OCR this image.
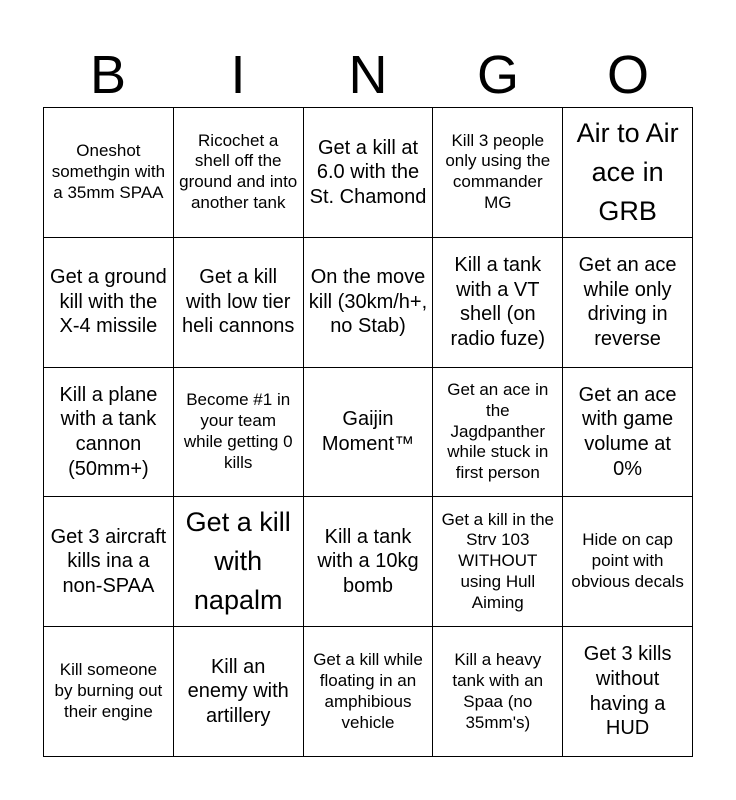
B	I	N	G	O
Oneshot somethgin with a 35mm SPAA
Ricochet a shell off the ground and into another tank
Get a kill at 6.0 with the St. Chamond
Kill 3 people only using the commander MG
Air to Air ace in GRB
Get a ground kill with the X-4 missile
Get a kill with low tier heli cannons
On the move kill (30km/h+, no Stab)
Kill a tank with a VT shell (on radio fuze)
Get an ace while only driving in reverse
Kill a plane with a tank cannon (50mm+)
Become #1 in your team while getting 0 kills
Gaijin Moment™
Get an ace in the Jagdpanther while stuck in first person
Get an ace with game volume at 0%
Get 3 aircraft kills ina a non-SPAA
Get a kill with napalm
Kill a tank with a 10kg bomb
Get a kill in the Strv 103 WITHOUT using Hull Aiming
Hide on cap point with obvious decals
Kill someone by burning out their engine
Kill an enemy with artillery
Get a kill while floating in an amphibious vehicle
Kill a heavy tank with an Spaa (no 35mm's)
Get 3 kills without having a HUD
